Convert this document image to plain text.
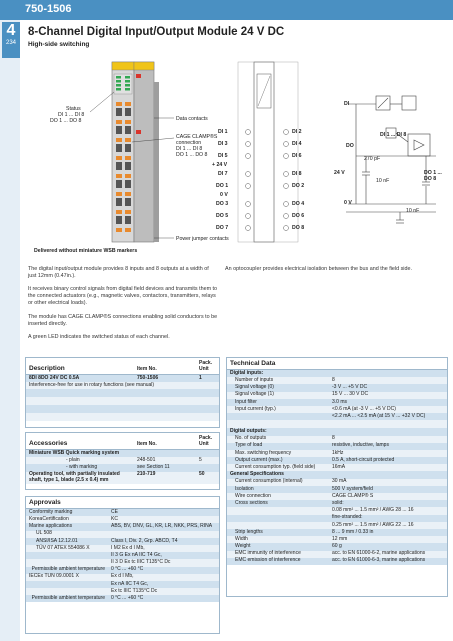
750-1506
4
234
8-Channel Digital Input/Output Module 24 V DC
High-side switching
Status
DI 1 ... DI 8
DO 1 ... DO 8	Data contacts
CAGE CLAMP®S
connection
DI 1 ... DI 8
DO 1 ... DO 8
Power jumper contacts
Delivered without miniature WSB markers
DI 1
DI 3
DI 5
+ 24 V
DI 7
DO 1
0 V
DO 3
DO 5
DO 7
DI 2
DI 4
DI 6
DI 8
DO 2
DO 4
DO 6
DO 8
DI
DI 1 ... DI 8
DO
DO 1 ... DO 8
270 pF
24 V
10 nF
0 V
10 nF
The digital input/output module provides 8 inputs and 8 outputs at a width of just 12mm (0.47in.).
It receives binary control signals from digital field devices and transmits them to the connected actuators (e.g., magnetic valves, contactors, transmitters, relays or other electrical loads).
The module has CAGE CLAMP®S connections enabling solid conductors to be inserted directly.
A green LED indicates the switched status of each channel.
An optocoupler provides electrical isolation between the bus and the field side.
Description	Item No.	Pack. Unit
8DI 8DO 24V DC 0.5A	750-1506	1
Interference-free for use in rotary functions (see manual)		

Accessories	Item No.	Pack. Unit
Miniature WSB Quick marking system		
- plain	248-501	5
- with marking	see Section 11	
Operating tool, with partially insulated shaft, type 1, blade (2.5 x 0.4) mm	210-719	50
Approvals	
Conformity marking	CE
KoreaCertification	KC
Marine applications	ABS, BV, DNV, GL, KR, LR, NKK, PRS, RINA
UL 508	
ANSI/ISA 12.12.01	Class I, Div. 2, Grp. ABCD, T4
TÜV 07 ATEX 554086 X	I M2 Ex d I Mb,
	II 3 G Ex nA IIC T4 Gc,
	II 3 D Ex tc IIIC T135°C Dc
Permissible ambient temperature	0 °C ... +60 °C
IECEx TUN 09.0001 X	Ex d I Mb,
	Ex nA IIC T4 Gc,
	Ex tc IIIC T135°C Dc
Permissible ambient temperature	0 °C ... +60 °C
Technical Data	
Digital inputs:	
Number of inputs	8
Signal voltage (0)	-3 V ... +5 V DC
Signal voltage (1)	15 V ... 30 V DC
Input filter	3.0 ms
Input current (typ.)	<0.6 mA (at -3 V ... +5 V DC)
	<2.2 mA ... <2.5 mA (at 15 V ... +32 V DC)

Digital outputs:	
No. of outputs	8
Type of load	resistive, inductive, lamps
Max. switching frequency	1kHz
Output current (max.)	0.5 A, short-circuit protected
Current consumption typ. (field side)	16mA
General Specifications	
Current consumption (internal)	30 mA
Isolation	500 V system/field
Wire connection	CAGE CLAMP® S
Cross sections	solid:
	0.08 mm² ... 1.5 mm² / AWG 28 ... 16
	fine-stranded:
	0.25 mm² ... 1.5 mm² / AWG 22 ... 16
Strip lengths	8 ... 9 mm / 0.33 in
Width	12 mm
Weight	60 g
EMC immunity of interference	acc. to EN 61000-6-2, marine applications
EMC emission of interference	acc. to EN 61000-6-3, marine applications
